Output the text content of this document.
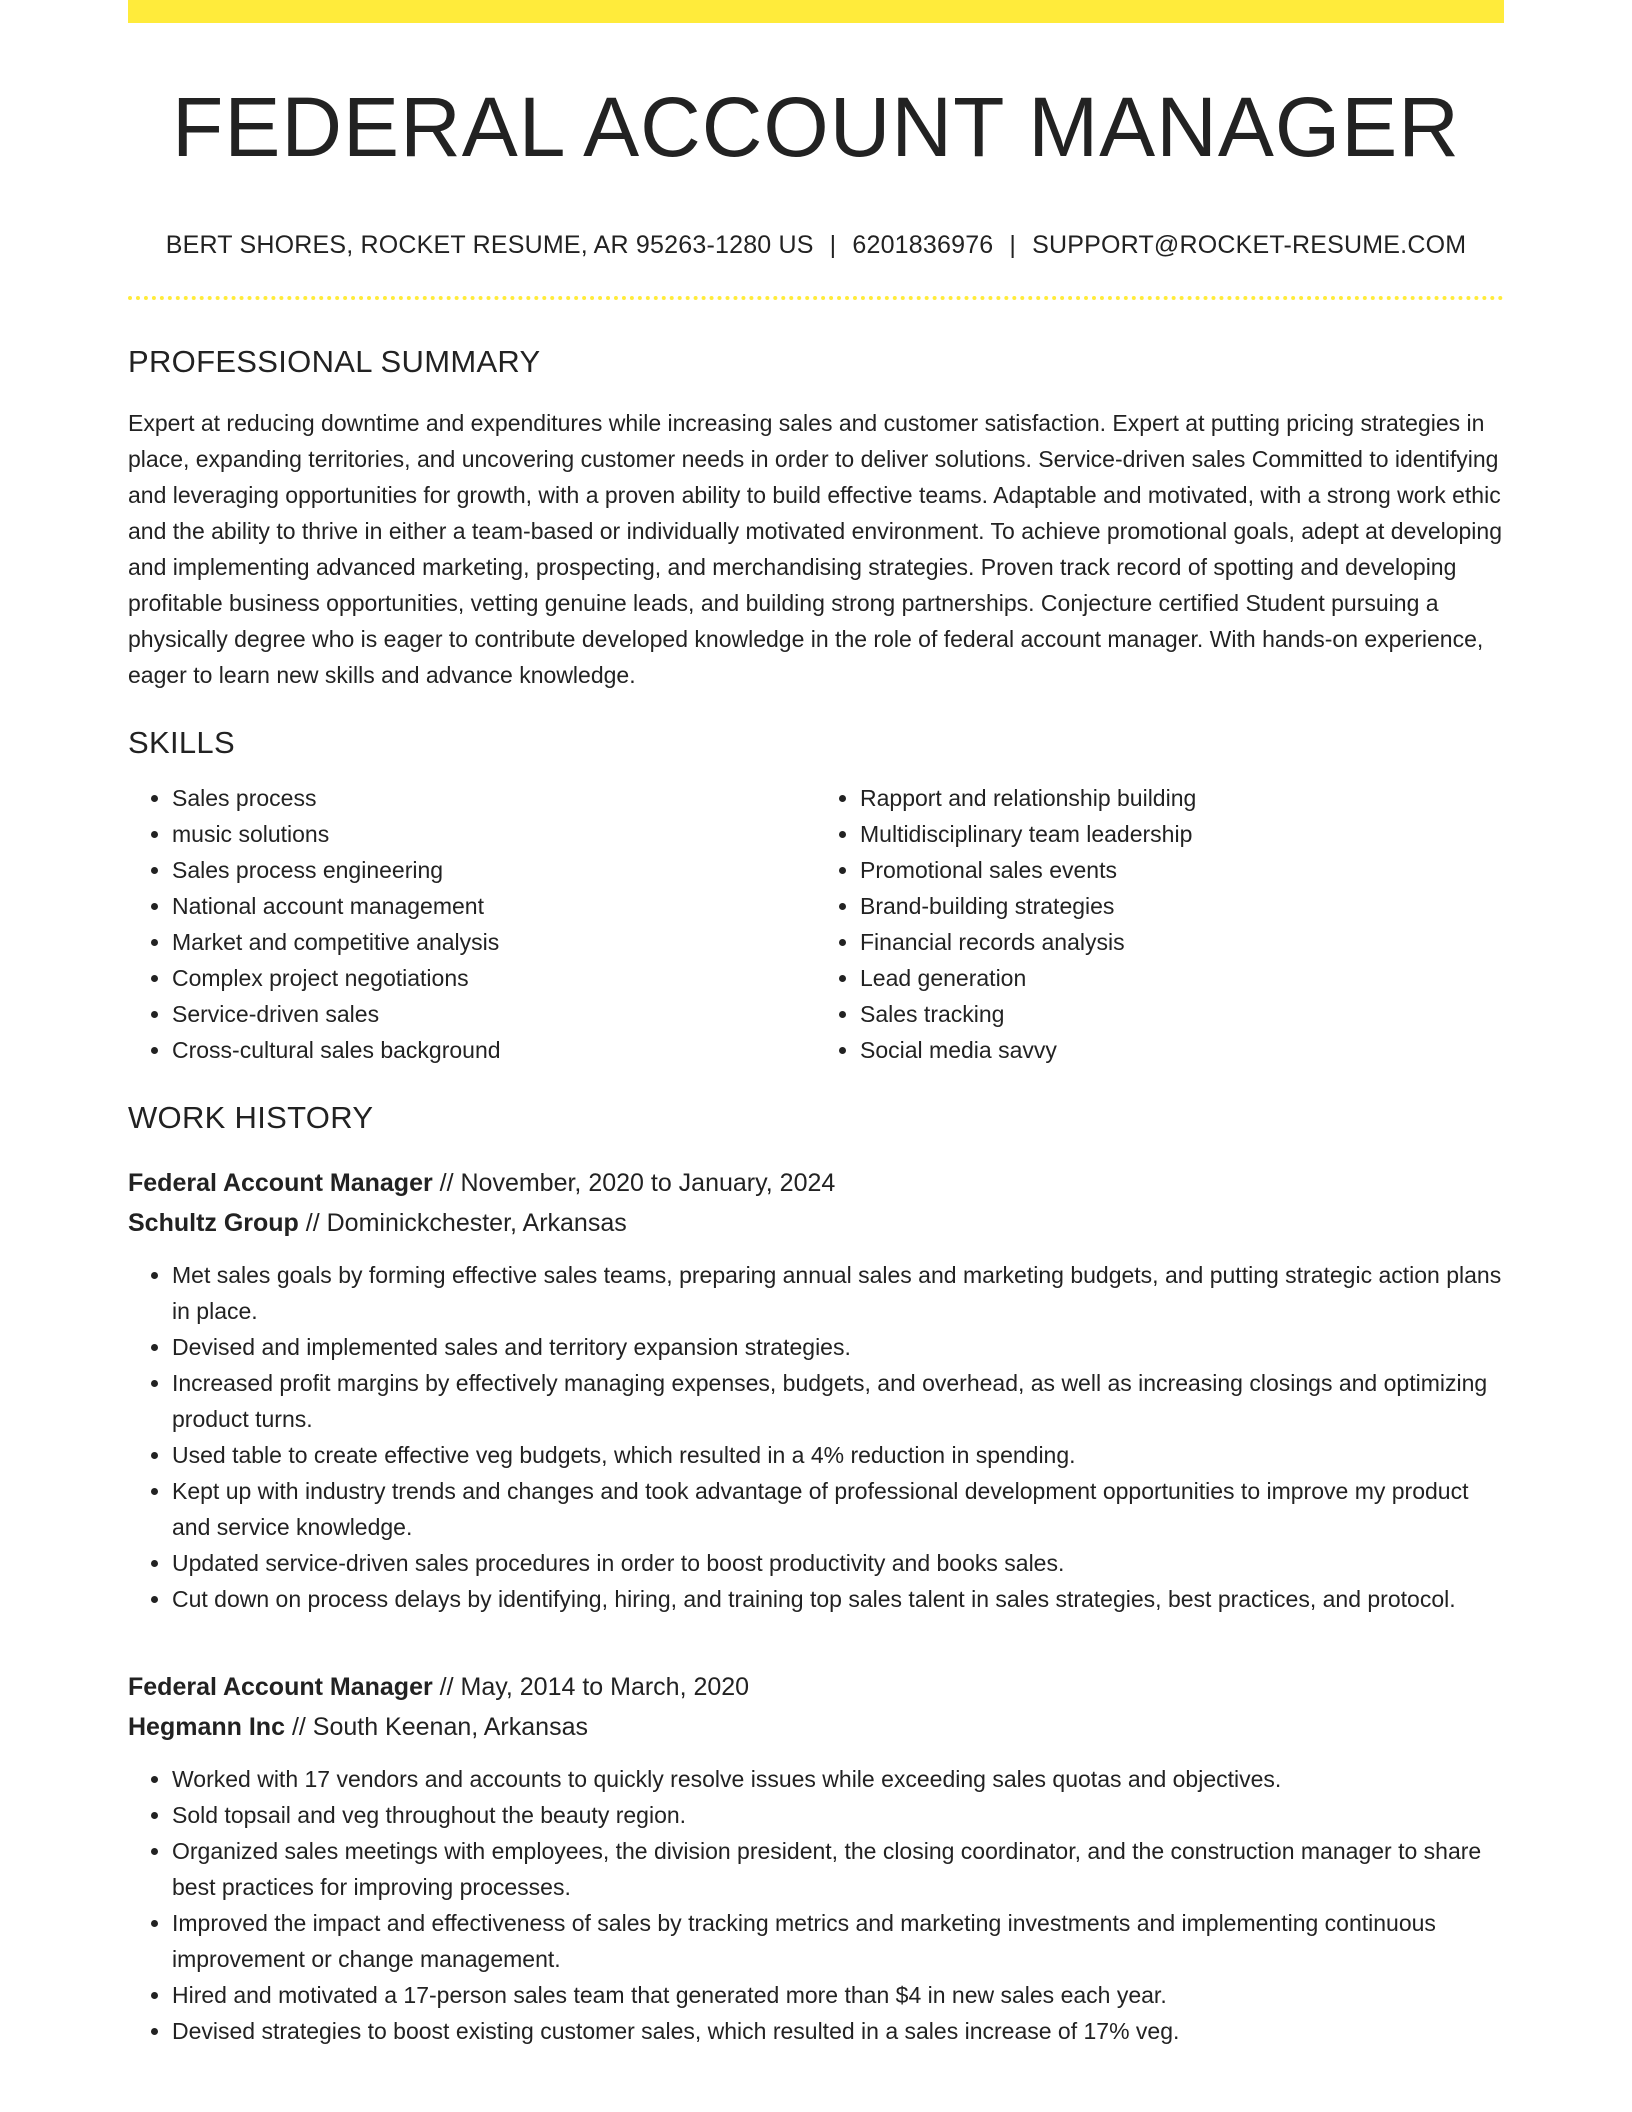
FEDERAL ACCOUNT MANAGER
BERT SHORES, ROCKET RESUME, AR 95263-1280 US | 6201836976 | SUPPORT@ROCKET-RESUME.COM
PROFESSIONAL SUMMARY

Expert at reducing downtime and expenditures while increasing sales and customer satisfaction. Expert at putting pricing strategies in place, expanding territories, and uncovering customer needs in order to deliver solutions. Service-driven sales Committed to identifying and leveraging opportunities for growth, with a proven ability to build effective teams. Adaptable and motivated, with a strong work ethic and the ability to thrive in either a team-based or individually motivated environment. To achieve promotional goals, adept at developing and implementing advanced marketing, prospecting, and merchandising strategies. Proven track record of spotting and developing profitable business opportunities, vetting genuine leads, and building strong partnerships. Conjecture certified Student pursuing a physically degree who is eager to contribute developed knowledge in the role of federal account manager. With hands-on experience, eager to learn new skills and advance knowledge.

SKILLS
• Sales process
• music solutions
• Sales process engineering
• National account management
• Market and competitive analysis
• Complex project negotiations
• Service-driven sales
• Cross-cultural sales background
• Rapport and relationship building
• Multidisciplinary team leadership
• Promotional sales events
• Brand-building strategies
• Financial records analysis
• Lead generation
• Sales tracking
• Social media savvy
WORK HISTORY
Federal Account Manager // November, 2020 to January, 2024
Schultz Group // Dominickchester, Arkansas
• Met sales goals by forming effective sales teams, preparing annual sales and marketing budgets, and putting strategic action plans in place.
• Devised and implemented sales and territory expansion strategies.
• Increased profit margins by effectively managing expenses, budgets, and overhead, as well as increasing closings and optimizing product turns.
• Used table to create effective veg budgets, which resulted in a 4% reduction in spending.
• Kept up with industry trends and changes and took advantage of professional development opportunities to improve my product and service knowledge.
• Updated service-driven sales procedures in order to boost productivity and books sales.
• Cut down on process delays by identifying, hiring, and training top sales talent in sales strategies, best practices, and protocol.
Federal Account Manager // May, 2014 to March, 2020
Hegmann Inc // South Keenan, Arkansas
• Worked with 17 vendors and accounts to quickly resolve issues while exceeding sales quotas and objectives.
• Sold topsail and veg throughout the beauty region.
• Organized sales meetings with employees, the division president, the closing coordinator, and the construction manager to share best practices for improving processes.
• Improved the impact and effectiveness of sales by tracking metrics and marketing investments and implementing continuous improvement or change management.
• Hired and motivated a 17-person sales team that generated more than $4 in new sales each year.
• Devised strategies to boost existing customer sales, which resulted in a sales increase of 17% veg.
